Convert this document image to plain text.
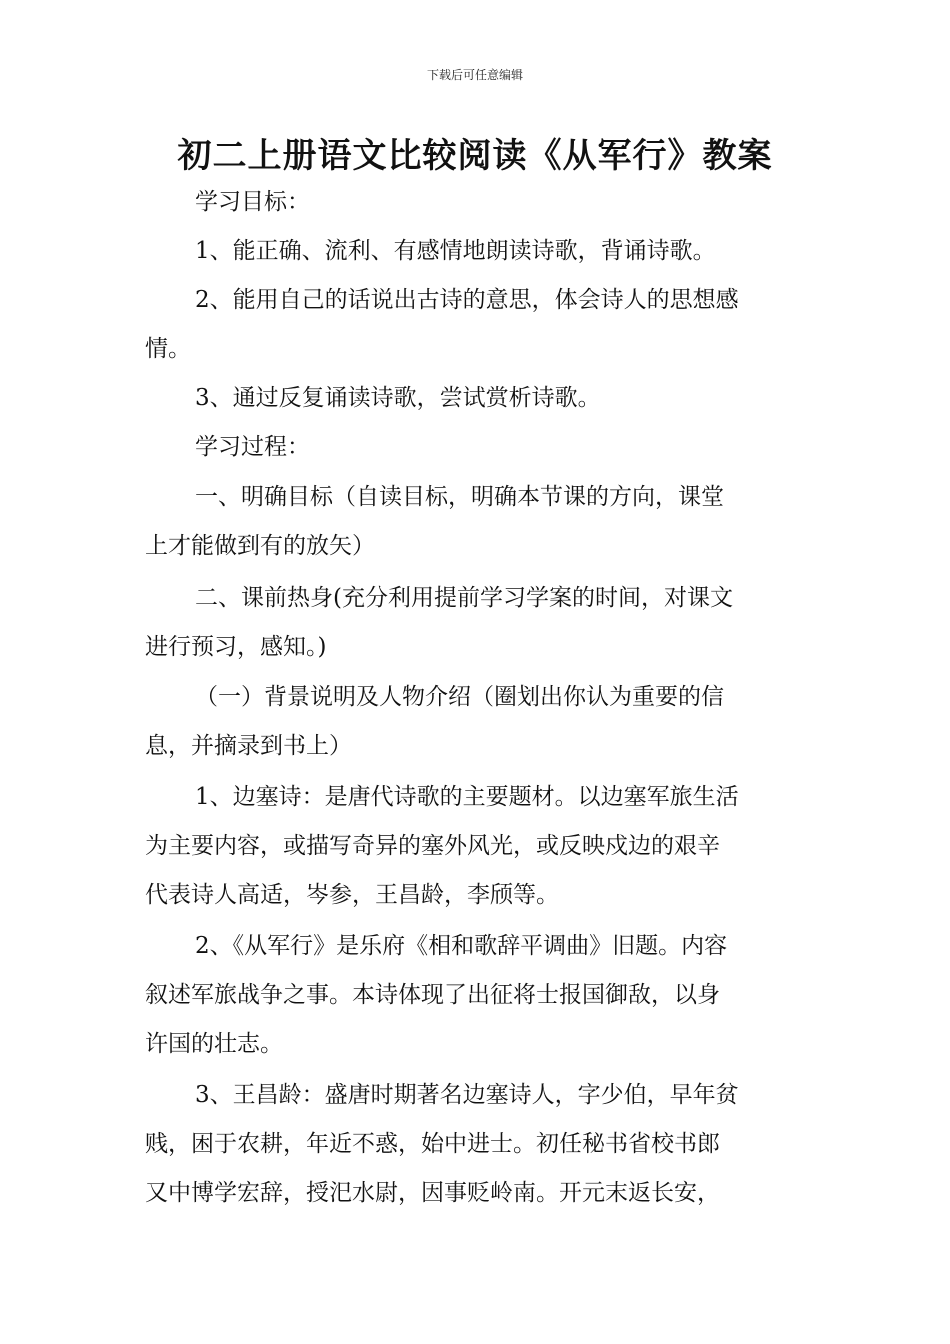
下载后可任意编辑
初二上册语文比较阅读《从军行》教案
学习目标：
1、能正确、流利、有感情地朗读诗歌，背诵诗歌。
2、能用自己的话说出古诗的意思，体会诗人的思想感
情。
3、通过反复诵读诗歌，尝试赏析诗歌。
学习过程：
一、明确目标（自读目标，明确本节课的方向，课堂
上才能做到有的放矢）
二、课前热身(充分利用提前学习学案的时间，对课文
进行预习，感知。)
（一）背景说明及人物介绍（圈划出你认为重要的信
息，并摘录到书上）
1、边塞诗：是唐代诗歌的主要题材。以边塞军旅生活
为主要内容，或描写奇异的塞外风光，或反映戍边的艰辛
代表诗人高适，岑参，王昌龄，李颀等。
2、《从军行》是乐府《相和歌辞平调曲》旧题。内容
叙述军旅战争之事。本诗体现了出征将士报国御敌，以身
许国的壮志。
3、王昌龄：盛唐时期著名边塞诗人，字少伯，早年贫
贱，困于农耕，年近不惑，始中进士。初任秘书省校书郎
又中博学宏辞，授汜水尉，因事贬岭南。开元末返长安，
